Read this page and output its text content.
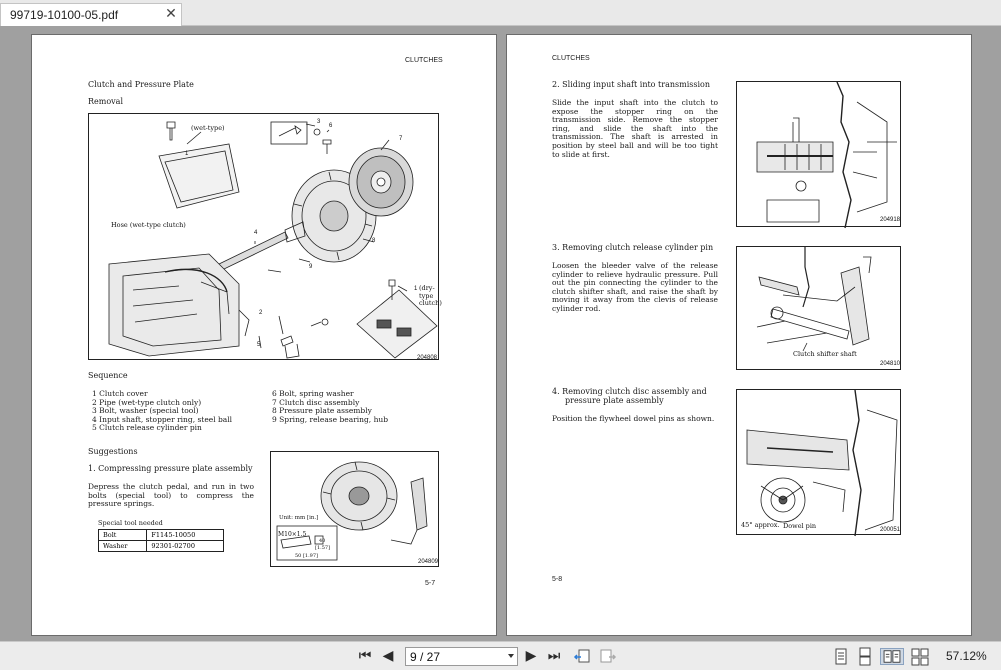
99719-10100-05.pdf	✕
CLUTCHES
Clutch and Pressure Plate
Removal
1
(wet-type)
3
6
7
8
4
9
Hose (wet-type clutch)
2
5
1 (dry-type clutch)
204808
Sequence
1 Clutch cover
2 Pipe (wet-type clutch only)
3 Bolt, washer (special tool)
4 Input shaft, stopper ring, steel ball
5 Clutch release cylinder pin
6 Bolt, spring washer
7 Clutch disc assembly
8 Pressure plate assembly
9 Spring, release bearing, hub
Suggestions
1. Compressing pressure plate assembly
Depress the clutch pedal, and run in two bolts (special tool) to compress the pressure springs.
Special tool needed
Bolt	F1145-10050
Washer	92301-02700
Unit: mm [in.]
M10×1.5
40
[1.57]
50 [1.97]
204809
5-7
CLUTCHES
2. Sliding input shaft into transmission
Slide the input shaft into the clutch to expose the stopper ring on the transmission side. Remove the stopper ring, and slide the shaft into the transmission. The shaft is arrested in position by steel ball and will be too tight to slide at first.
204918
3. Removing clutch release cylinder pin
Loosen the bleeder valve of the release cylinder to relieve hydraulic pressure. Pull out the pin connecting the cylinder to the clutch shifter shaft, and raise the shaft by moving it away from the clevis of release cylinder rod.
Clutch shifter shaft
204810
4. Removing clutch disc assembly and
pressure plate assembly
Position the flywheel dowel pins as shown.
45° approx. Dowel pin	200051
5-8
⏮ ◀ 9 / 27	▶ ⏭	57.12%
